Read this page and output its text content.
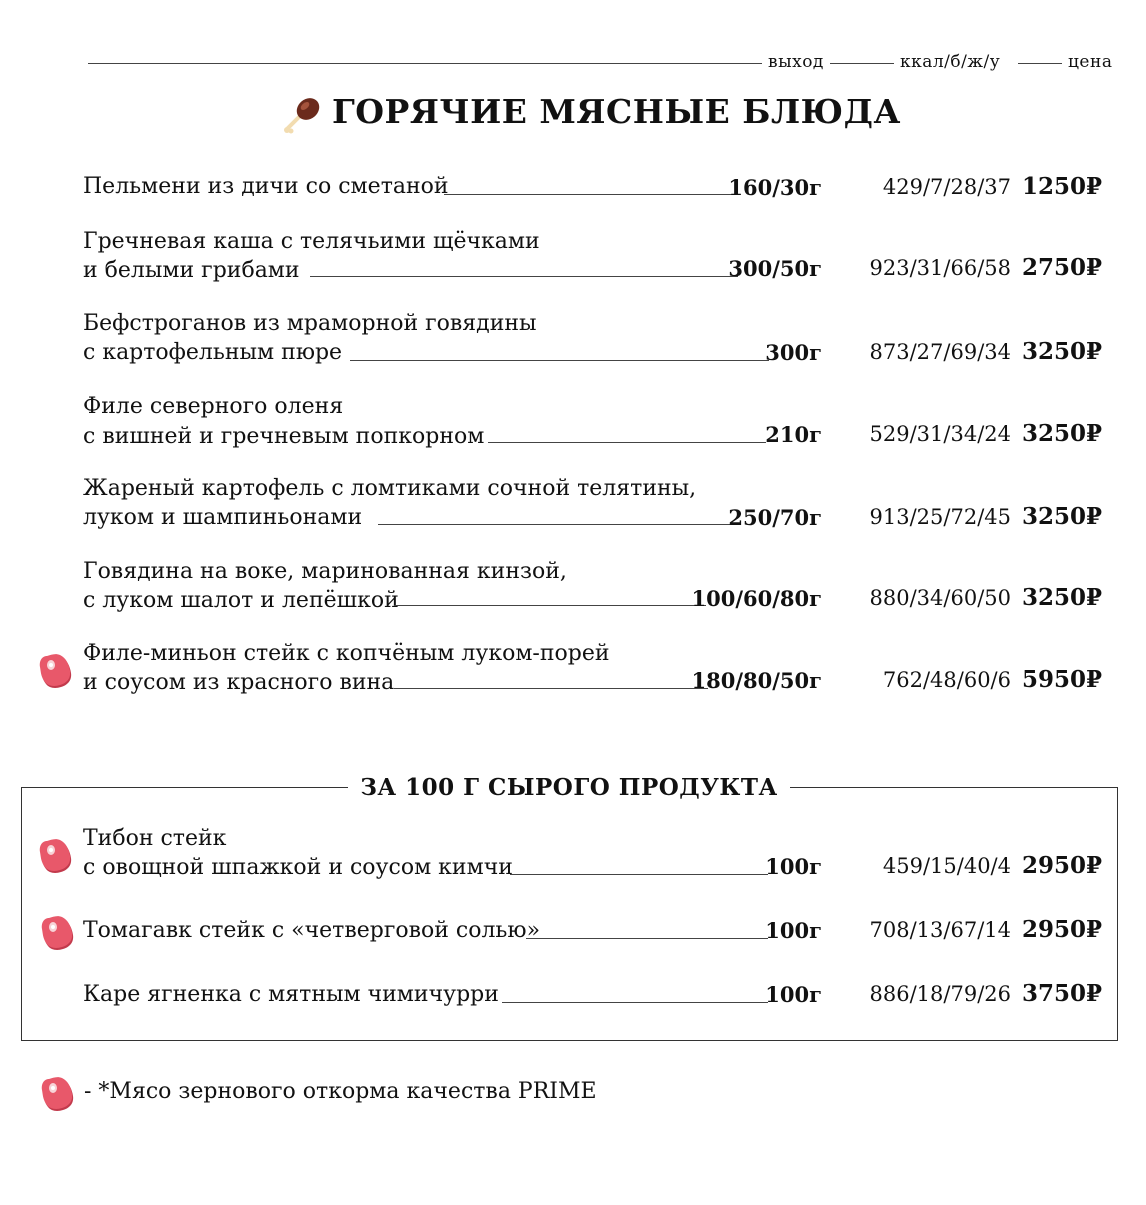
выход	ккал/б/ж/у	цена
ГОРЯЧИЕ МЯСНЫЕ БЛЮДА
Пельмени из дичи со сметаной	160/30г	429/7/28/37 1250₽
Гречневая каша с телячьими щёчками
и белыми грибами	300/50г 923/31/66/58 2750₽
Бефстроганов из мраморной говядины
с картофельным пюре	300г 873/27/69/34 3250₽
Филе северного оленя
с вишней и гречневым попкорном	210г 529/31/34/24 3250₽
Жареный картофель с ломтиками сочной телятины,
луком и шампиньонами	250/70г 913/25/72/45 3250₽
Говядина на воке, маринованная кинзой,
с луком шалот и лепёшкой	100/60/80г 880/34/60/50 3250₽
Филе-миньон стейк с копчёным луком-порей
и соусом из красного вина	180/80/50г	762/48/60/6 5950₽
ЗА 100 Г СЫРОГО ПРОДУКТА
Тибон стейк
с овощной шпажкой и соусом кимчи	100г	459/15/40/4 2950₽
Томагавк стейк с «четверговой солью»	100г 708/13/67/14 2950₽
Каре ягненка с мятным чимичурри	100г 886/18/79/26 3750₽
- *Мясо зернового откорма качества PRIME
